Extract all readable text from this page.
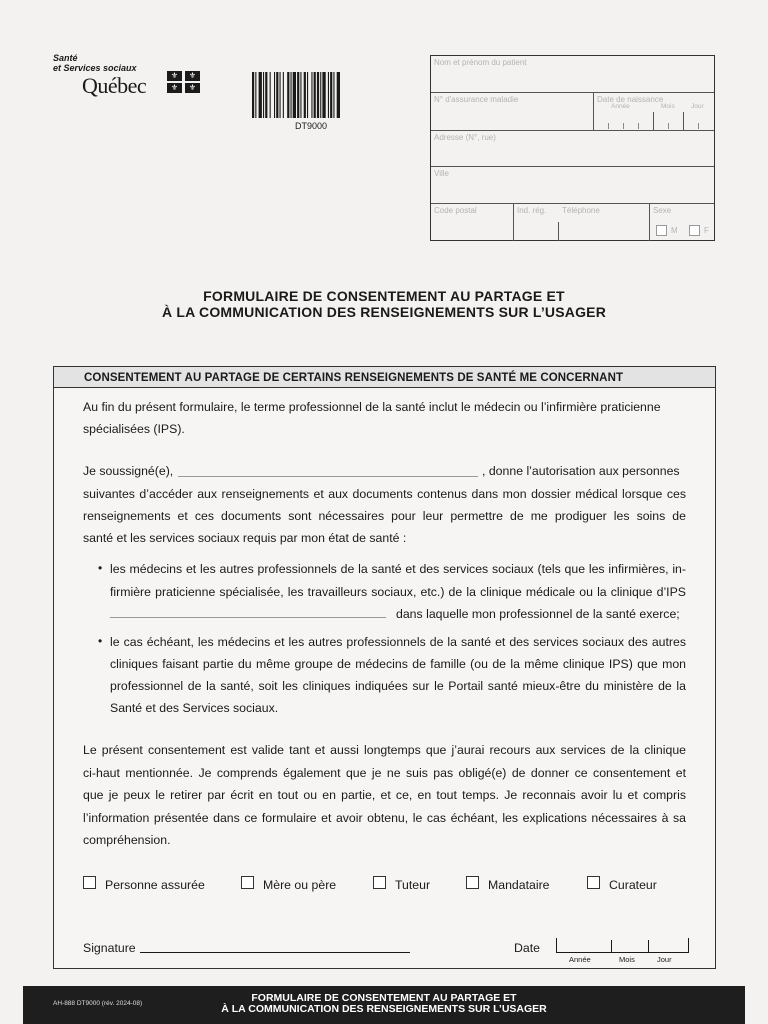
Santé
et Services sociaux
Québec	⚜	⚜
⚜	⚜
DT9000
Nom et prénom du patient
N° d'assurance maladie	Date de naissance
Année	Mois	Jour
Adresse (N°, rue)
Ville
Code postal	Ind. rég. Téléphone	Sexe
M	F
FORMULAIRE DE CONSENTEMENT AU PARTAGE ET
À LA COMMUNICATION DES RENSEIGNEMENTS SUR L’USAGER
CONSENTEMENT AU PARTAGE DE CERTAINS RENSEIGNEMENTS DE SANTÉ ME CONCERNANT
Au fin du présent formulaire, le terme professionnel de la santé inclut le médecin ou l’infirmière praticienne
spécialisées (IPS).
Je soussigné(e),	, donne l’autorisation aux personnes
suivantes d’accéder aux renseignements et aux documents contenus dans mon dossier médical lorsque ces
renseignements et ces documents sont nécessaires pour leur permettre de me prodiguer les soins de
santé et les services sociaux requis par mon état de santé :
• les médecins et les autres professionnels de la santé et des services sociaux (tels que les infirmières, in-
firmière praticienne spécialisée, les travailleurs sociaux, etc.) de la clinique médicale ou la clinique d’IPS
dans laquelle mon professionnel de la santé exerce;
• le cas échéant, les médecins et les autres professionnels de la santé et des services sociaux des autres
cliniques faisant partie du même groupe de médecins de famille (ou de la même clinique IPS) que mon
professionnel de la santé, soit les cliniques indiquées sur le Portail santé mieux-être du ministère de la
Santé et des Services sociaux.
Le présent consentement est valide tant et aussi longtemps que j’aurai recours aux services de la clinique
ci-haut mentionnée. Je comprends également que je ne suis pas obligé(e) de donner ce consentement et
que je peux le retirer par écrit en tout ou en partie, et ce, en tout temps. Je reconnais avoir lu et compris
l’information présentée dans ce formulaire et avoir obtenu, le cas échéant, les explications nécessaires à sa
compréhension.
Personne assurée	Mère ou père	Tuteur	Mandataire	Curateur
Signature	Date
Année	Mois	Jour
AH-888 DT9000 (rév. 2024-08)	FORMULAIRE DE CONSENTEMENT AU PARTAGE ET
À LA COMMUNICATION DES RENSEIGNEMENTS SUR L’USAGER
